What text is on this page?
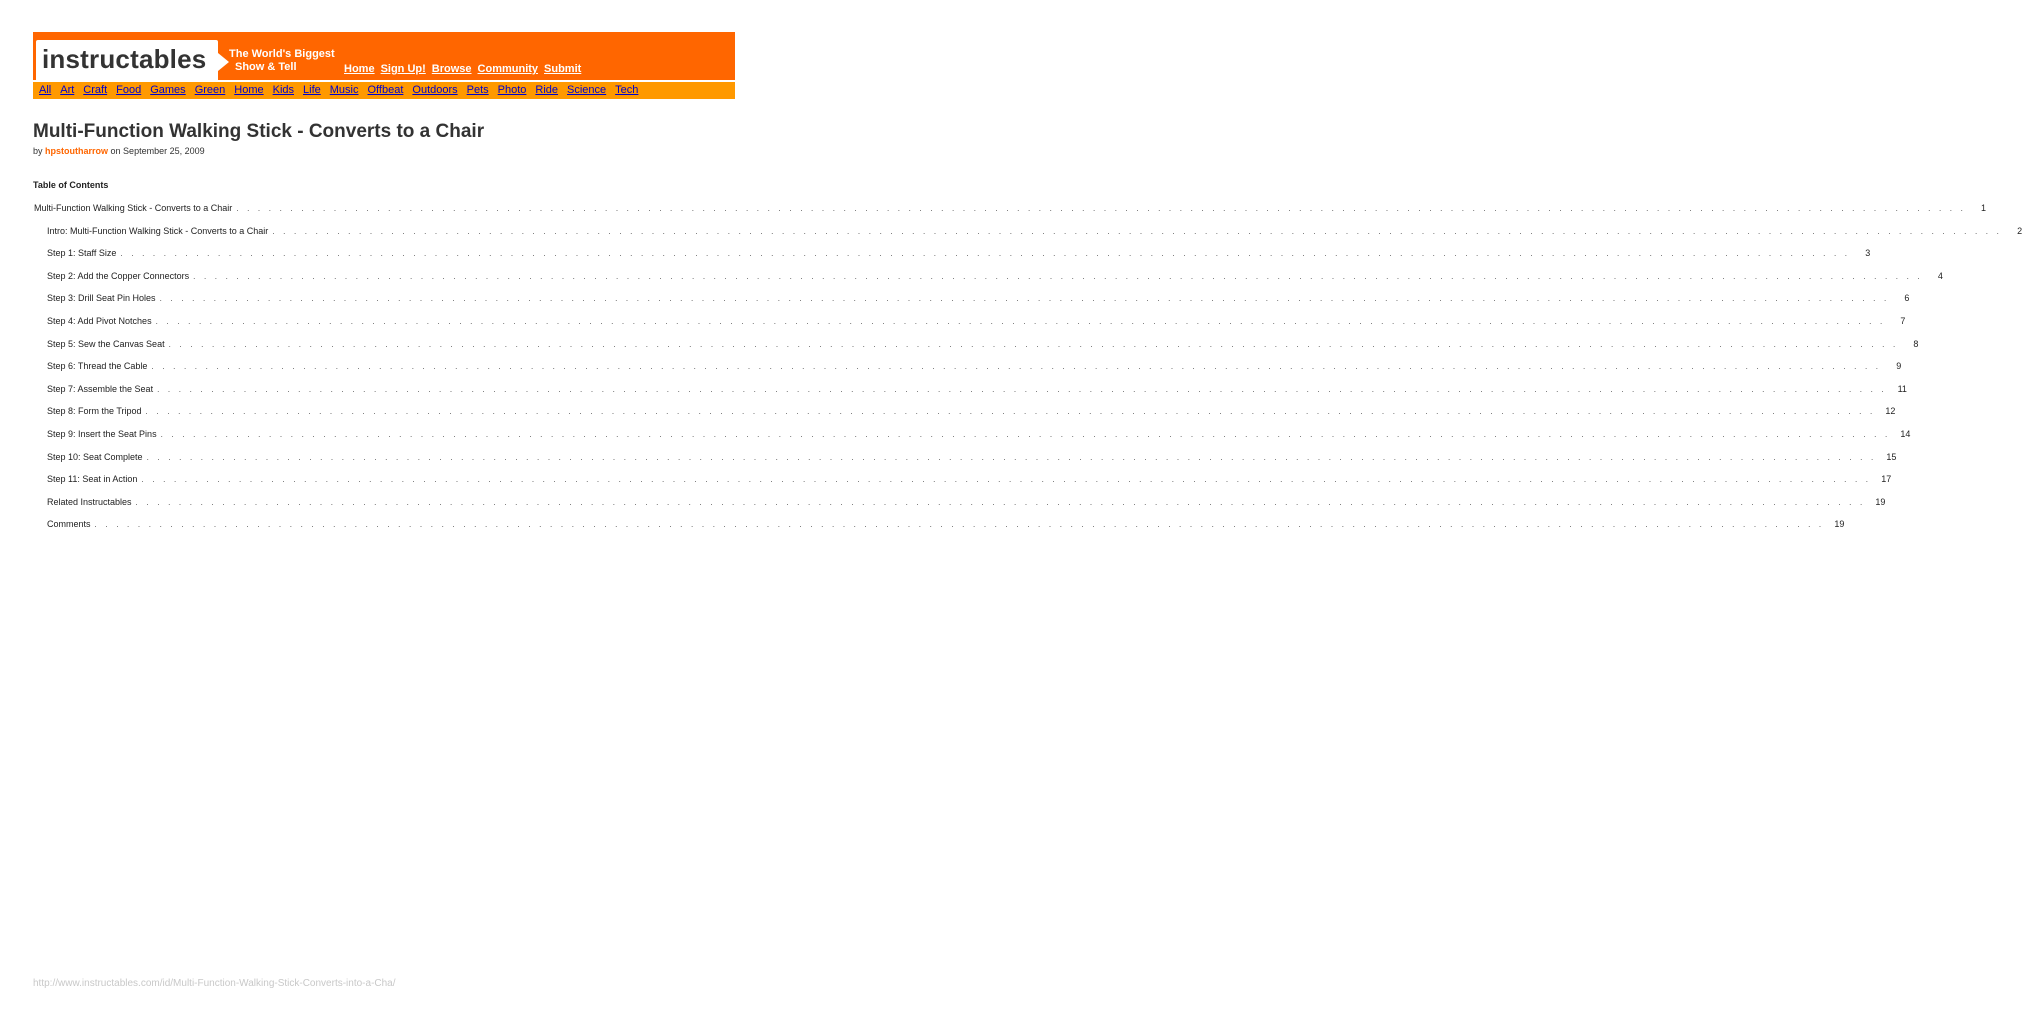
instructables The World's Biggest
Show & Tell	Home Sign Up! Browse Community Submit
All Art Craft Food Games Green Home Kids Life Music Offbeat Outdoors Pets Photo Ride Science Tech
Multi-Function Walking Stick - Converts to a Chair
by hpstoutharrow on September 25, 2009
Table of Contents
Multi-Function Walking Stick - Converts to a Chair . . . . . . . . . . . . . . . . . . . . . . . . . . . . . . . . . . . . . . . . . . . . . . . . . . . . . . . . . . . . . . . . . . . . . . . . . . . . . . . . . . . . . . . . . . . . . . . . . . . . . . . . . . . . . . . . . . . . . . . . . . . . . . . . . . . . . . . . . . . . . . . . . . . . . . . . . . . . . . . .	1
Intro: Multi-Function Walking Stick - Converts to a Chair . . . . . . . . . . . . . . . . . . . . . . . . . . . . . . . . . . . . . . . . . . . . . . . . . . . . . . . . . . . . . . . . . . . . . . . . . . . . . . . . . . . . . . . . . . . . . . . . . . . . . . . . . . . . . . . . . . . . . . . . . . . . . . . . . . . . . . . . . . . . . . . . . . . . . . . . . . . . . . . .	2
Step 1: Staff Size . . . . . . . . . . . . . . . . . . . . . . . . . . . . . . . . . . . . . . . . . . . . . . . . . . . . . . . . . . . . . . . . . . . . . . . . . . . . . . . . . . . . . . . . . . . . . . . . . . . . . . . . . . . . . . . . . . . . . . . . . . . . . . . . . . . . . . . . . . . . . . . . . . . . . . . . . . . . . . . .	3
Step 2: Add the Copper Connectors . . . . . . . . . . . . . . . . . . . . . . . . . . . . . . . . . . . . . . . . . . . . . . . . . . . . . . . . . . . . . . . . . . . . . . . . . . . . . . . . . . . . . . . . . . . . . . . . . . . . . . . . . . . . . . . . . . . . . . . . . . . . . . . . . . . . . . . . . . . . . . . . . . . . . . . . . . . . . . . .	4
Step 3: Drill Seat Pin Holes . . . . . . . . . . . . . . . . . . . . . . . . . . . . . . . . . . . . . . . . . . . . . . . . . . . . . . . . . . . . . . . . . . . . . . . . . . . . . . . . . . . . . . . . . . . . . . . . . . . . . . . . . . . . . . . . . . . . . . . . . . . . . . . . . . . . . . . . . . . . . . . . . . . . . . . . . . . . . . . .	6
Step 4: Add Pivot Notches . . . . . . . . . . . . . . . . . . . . . . . . . . . . . . . . . . . . . . . . . . . . . . . . . . . . . . . . . . . . . . . . . . . . . . . . . . . . . . . . . . . . . . . . . . . . . . . . . . . . . . . . . . . . . . . . . . . . . . . . . . . . . . . . . . . . . . . . . . . . . . . . . . . . . . . . . . . . . . . .	7
Step 5: Sew the Canvas Seat . . . . . . . . . . . . . . . . . . . . . . . . . . . . . . . . . . . . . . . . . . . . . . . . . . . . . . . . . . . . . . . . . . . . . . . . . . . . . . . . . . . . . . . . . . . . . . . . . . . . . . . . . . . . . . . . . . . . . . . . . . . . . . . . . . . . . . . . . . . . . . . . . . . . . . . . . . . . . . . .	8
Step 6: Thread the Cable . . . . . . . . . . . . . . . . . . . . . . . . . . . . . . . . . . . . . . . . . . . . . . . . . . . . . . . . . . . . . . . . . . . . . . . . . . . . . . . . . . . . . . . . . . . . . . . . . . . . . . . . . . . . . . . . . . . . . . . . . . . . . . . . . . . . . . . . . . . . . . . . . . . . . . . . . . . . . . . .	9
Step 7: Assemble the Seat . . . . . . . . . . . . . . . . . . . . . . . . . . . . . . . . . . . . . . . . . . . . . . . . . . . . . . . . . . . . . . . . . . . . . . . . . . . . . . . . . . . . . . . . . . . . . . . . . . . . . . . . . . . . . . . . . . . . . . . . . . . . . . . . . . . . . . . . . . . . . . . . . . . . . . . . . . . . . . . .	11
Step 8: Form the Tripod . . . . . . . . . . . . . . . . . . . . . . . . . . . . . . . . . . . . . . . . . . . . . . . . . . . . . . . . . . . . . . . . . . . . . . . . . . . . . . . . . . . . . . . . . . . . . . . . . . . . . . . . . . . . . . . . . . . . . . . . . . . . . . . . . . . . . . . . . . . . . . . . . . . . . . . . . . . . . . . .	12
Step 9: Insert the Seat Pins . . . . . . . . . . . . . . . . . . . . . . . . . . . . . . . . . . . . . . . . . . . . . . . . . . . . . . . . . . . . . . . . . . . . . . . . . . . . . . . . . . . . . . . . . . . . . . . . . . . . . . . . . . . . . . . . . . . . . . . . . . . . . . . . . . . . . . . . . . . . . . . . . . . . . . . . . . . . . . . .	14
Step 10: Seat Complete . . . . . . . . . . . . . . . . . . . . . . . . . . . . . . . . . . . . . . . . . . . . . . . . . . . . . . . . . . . . . . . . . . . . . . . . . . . . . . . . . . . . . . . . . . . . . . . . . . . . . . . . . . . . . . . . . . . . . . . . . . . . . . . . . . . . . . . . . . . . . . . . . . . . . . . . . . . . . . . .	15
Step 11: Seat in Action . . . . . . . . . . . . . . . . . . . . . . . . . . . . . . . . . . . . . . . . . . . . . . . . . . . . . . . . . . . . . . . . . . . . . . . . . . . . . . . . . . . . . . . . . . . . . . . . . . . . . . . . . . . . . . . . . . . . . . . . . . . . . . . . . . . . . . . . . . . . . . . . . . . . . . . . . . . . . . . .	17
Related Instructables . . . . . . . . . . . . . . . . . . . . . . . . . . . . . . . . . . . . . . . . . . . . . . . . . . . . . . . . . . . . . . . . . . . . . . . . . . . . . . . . . . . . . . . . . . . . . . . . . . . . . . . . . . . . . . . . . . . . . . . . . . . . . . . . . . . . . . . . . . . . . . . . . . . . . . . . . . . . . . . .	19
Comments . . . . . . . . . . . . . . . . . . . . . . . . . . . . . . . . . . . . . . . . . . . . . . . . . . . . . . . . . . . . . . . . . . . . . . . . . . . . . . . . . . . . . . . . . . . . . . . . . . . . . . . . . . . . . . . . . . . . . . . . . . . . . . . . . . . . . . . . . . . . . . . . . . . . . . . . . . . . . . . .	19
http://www.instructables.com/id/Multi-Function-Walking-Stick-Converts-into-a-Cha/
